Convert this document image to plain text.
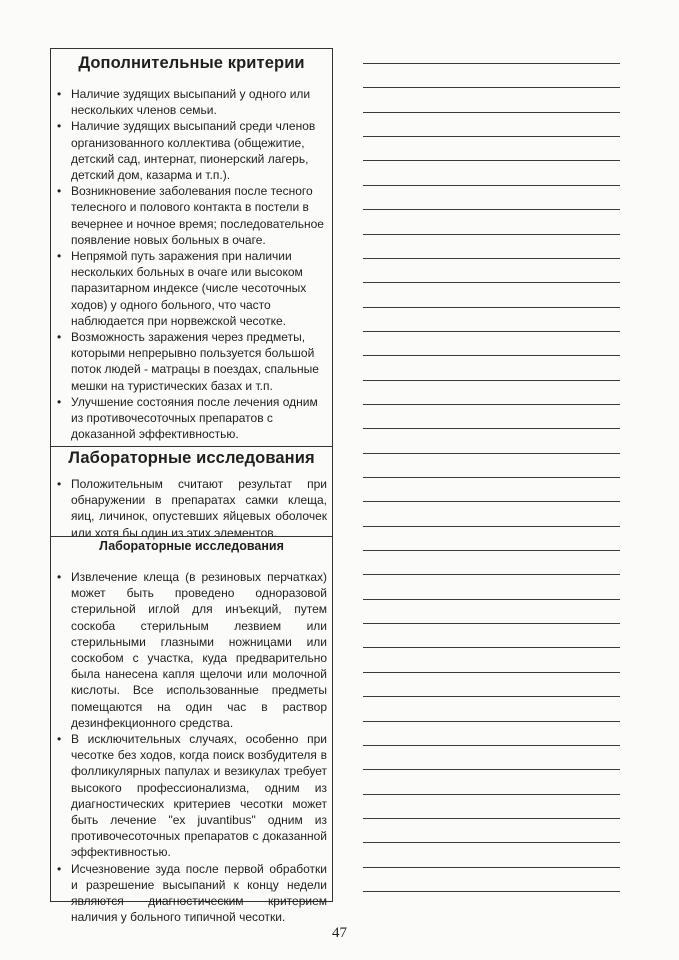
Дополнительные критерии

• Наличие зудящих высыпаний у одного или нескольких членов семьи.
• Наличие зудящих высыпаний среди членов организованного коллектива (общежитие, детский сад, интернат, пионерский лагерь, детский дом, казарма и т.п.).
• Возникновение заболевания после тесного телесного и полового контакта в постели в вечернее и ночное время; последовательное появление новых больных в очаге.
• Непрямой путь заражения при наличии нескольких больных в очаге или высоком паразитарном индексе (числе чесоточных ходов) у одного больного, что часто наблюдается при норвежской чесотке.
• Возможность заражения через предметы, которыми непрерывно пользуется большой поток людей - матрацы в поездах, спальные мешки на туристических базах и т.п.
• Улучшение состояния после лечения одним из противочесоточных препаратов с доказанной эффективностью.

Лабораторные исследования

• Положительным считают результат при обнаружении в препаратах самки клеща, яиц, личинок, опустевших яйцевых оболочек или хотя бы один из этих элементов.

Лабораторные исследования

• Извлечение клеща (в резиновых перчатках) может быть проведено одноразовой стерильной иглой для инъекций, путем соскоба стерильным лезвием или стерильными глазными ножницами или соскобом с участка, куда предварительно была нанесена капля щелочи или молочной кислоты. Все использованные предметы помещаются на один час в раствор дезинфекционного средства.
• В исключительных случаях, особенно при чесотке без ходов, когда поиск возбудителя в фолликулярных папулах и везикулах требует высокого профессионализма, одним из диагностических критериев чесотки может быть лечение "ex juvantibus" одним из противочесоточных препаратов с доказанной эффективностью.
• Исчезновение зуда после первой обработки и разрешение высыпаний к концу недели являются диагностическим критерием наличия у больного типичной чесотки.
47
